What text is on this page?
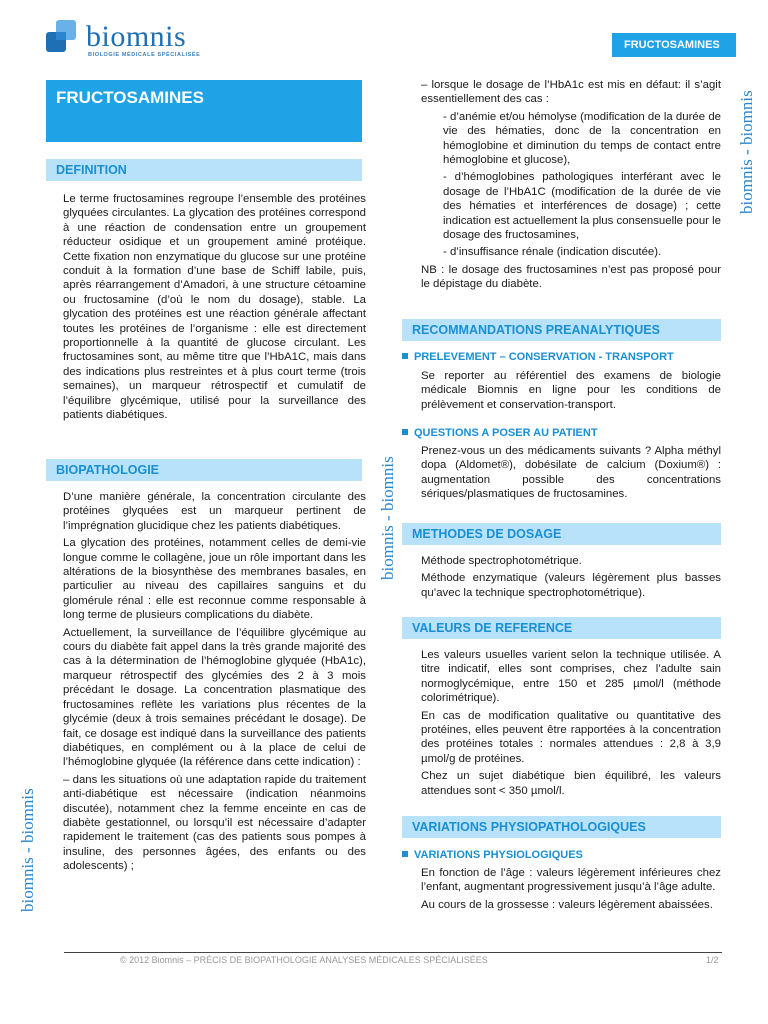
biomnis
BIOLOGIE MÉDICALE SPÉCIALISÉE
FRUCTOSAMINES
FRUCTOSAMINES
DEFINITION
Le terme fructosamines regroupe l’ensemble des protéines glyquées circulantes. La glycation des protéines correspond à une réaction de condensation entre un groupement réducteur osidique et un groupement aminé protéique. Cette fixation non enzymatique du glucose sur une protéine conduit à la formation d’une base de Schiff labile, puis, après réarrangement d’Amadori, à une structure cétoamine ou fructosamine (d’où le nom du dosage), stable. La glycation des protéines est une réaction générale affectant toutes les protéines de l’organisme : elle est directement proportionnelle à la quantité de glucose circulant. Les fructosamines sont, au même titre que l’HbA1C, mais dans des indications plus restreintes et à plus court terme (trois semaines), un marqueur rétrospectif et cumulatif de l’équilibre glycémique, utilisé pour la surveillance des patients diabétiques.
BIOPATHOLOGIE

D’une manière générale, la concentration circulante des protéines glyquées est un marqueur pertinent de l’imprégnation glucidique chez les patients diabétiques.

La glycation des protéines, notamment celles de demi-vie longue comme le collagène, joue un rôle important dans les altérations de la biosynthèse des membranes basales, en particulier au niveau des capillaires sanguins et du glomérule rénal : elle est reconnue comme responsable à long terme de plusieurs complications du diabète.

Actuellement, la surveillance de l’équilibre glycémique au cours du diabète fait appel dans la très grande majorité des cas à la détermination de l’hémoglobine glyquée (HbA1c), marqueur rétrospectif des glycémies des 2 à 3 mois précédant le dosage. La concentration plasmatique des fructosamines reflète les variations plus récentes de la glycémie (deux à trois semaines précédant le dosage). De fait, ce dosage est indiqué dans la surveillance des patients diabétiques, en complément ou à la place de celui de l’hémoglobine glyquée (la référence dans cette indication) :

– dans les situations où une adaptation rapide du traitement anti-diabétique est nécessaire (indication néanmoins discutée), notamment chez la femme enceinte en cas de diabète gestationnel, ou lorsqu’il est nécessaire d’adapter rapidement le traitement (cas des patients sous pompes à insuline, des personnes âgées, des enfants ou des adolescents) ;

– lorsque le dosage de l’HbA1c est mis en défaut: il s’agit essentiellement des cas :

- d’anémie et/ou hémolyse (modification de la durée de vie des hématies, donc de la concentration en hémoglobine et diminution du temps de contact entre hémoglobine et glucose),
- d’hémoglobines pathologiques interférant avec le dosage de l’HbA1C (modification de la durée de vie des hématies et interférences de dosage) ; cette indication est actuellement la plus consensuelle pour le dosage des fructosamines,
- d’insuffisance rénale (indication discutée).

NB : le dosage des fructosamines n’est pas proposé pour le dépistage du diabète.

RECOMMANDATIONS PREANALYTIQUES
PRELEVEMENT – CONSERVATION - TRANSPORT
Se reporter au référentiel des examens de biologie médicale Biomnis en ligne pour les conditions de prélèvement et conservation-transport.
QUESTIONS A POSER AU PATIENT
Prenez-vous un des médicaments suivants ? Alpha méthyl dopa (Aldomet®), dobésilate de calcium (Doxium®) : augmentation possible des concentrations sériques/plasmatiques de fructosamines.
METHODES DE DOSAGE

Méthode spectrophotométrique.

Méthode enzymatique (valeurs légèrement plus basses qu’avec la technique spectrophotométrique).

VALEURS DE REFERENCE

Les valeurs usuelles varient selon la technique utilisée. A titre indicatif, elles sont comprises, chez l’adulte sain normoglycémique, entre 150 et 285 µmol/l (méthode colorimétrique).

En cas de modification qualitative ou quantitative des protéines, elles peuvent être rapportées à la concentration des protéines totales : normales attendues : 2,8 à 3,9 µmol/g de protéines.

Chez un sujet diabétique bien équilibré, les valeurs attendues sont < 350 µmol/l.

VARIATIONS PHYSIOPATHOLOGIQUES
VARIATIONS PHYSIOLOGIQUES

En fonction de l’âge : valeurs légèrement inférieures chez l’enfant, augmentant progressivement jusqu’à l’âge adulte.

Au cours de la grossesse : valeurs légèrement abaissées.

biomnis - biomnis
biomnis - biomnis
biomnis - biomnis
© 2012 Biomnis – PRÉCIS DE BIOPATHOLOGIE ANALYSES MÉDICALES SPÉCIALISÉES	1/2
